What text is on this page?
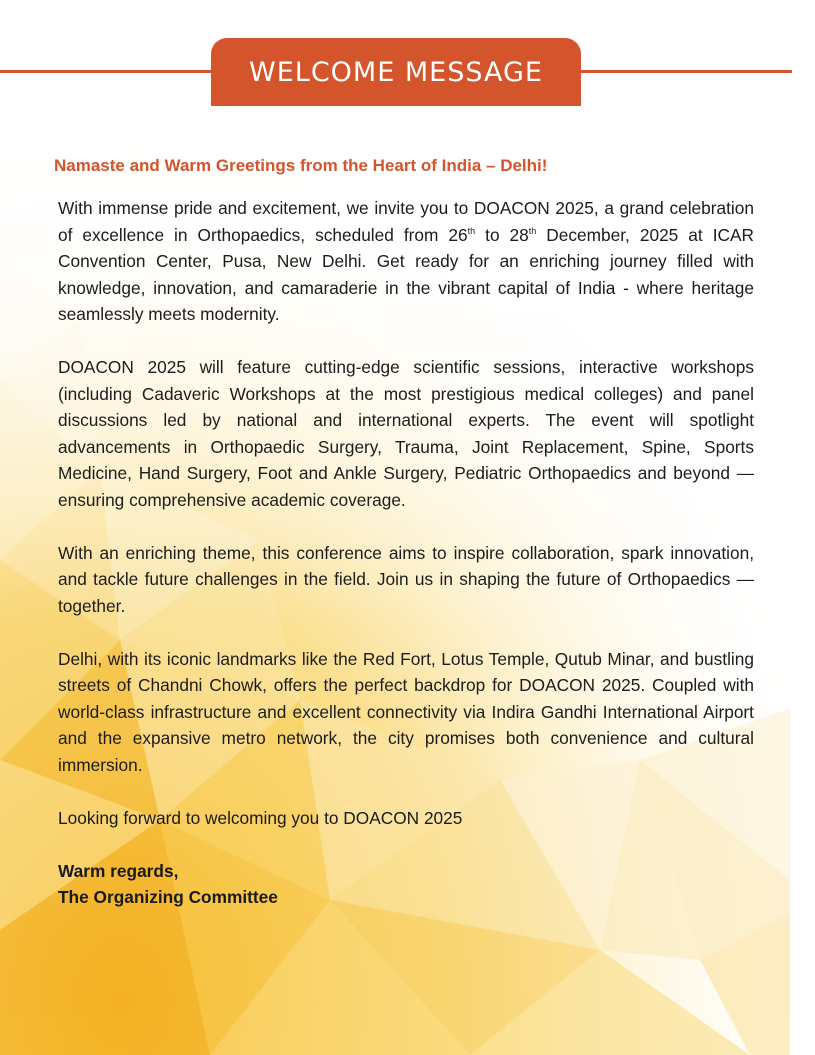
WELCOME MESSAGE

Namaste and Warm Greetings from the Heart of India – Delhi!

With immense pride and excitement, we invite you to DOACON 2025, a grand celebration of excellence in Orthopaedics, scheduled from 26th to 28th December, 2025 at ICAR Convention Center, Pusa, New Delhi. Get ready for an enriching journey filled with knowledge, innovation, and camaraderie in the vibrant capital of India - where heritage seamlessly meets modernity.

DOACON 2025 will feature cutting-edge scientific sessions, interactive workshops (including Cadaveric Workshops at the most prestigious medical colleges) and panel discussions led by national and international experts. The event will spotlight advancements in Orthopaedic Surgery, Trauma, Joint Replacement, Spine, Sports Medicine, Hand Surgery, Foot and Ankle Surgery, Pediatric Orthopaedics and beyond — ensuring comprehensive academic coverage.

With an enriching theme, this conference aims to inspire collaboration, spark innovation, and tackle future challenges in the field. Join us in shaping the future of Orthopaedics —together.

Delhi, with its iconic landmarks like the Red Fort, Lotus Temple, Qutub Minar, and bustling streets of Chandni Chowk, offers the perfect backdrop for DOACON 2025. Coupled with world-class infrastructure and excellent connectivity via Indira Gandhi International Airport and the expansive metro network, the city promises both convenience and cultural immersion.

Looking forward to welcoming you to DOACON 2025

Warm regards,

The Organizing Committee
